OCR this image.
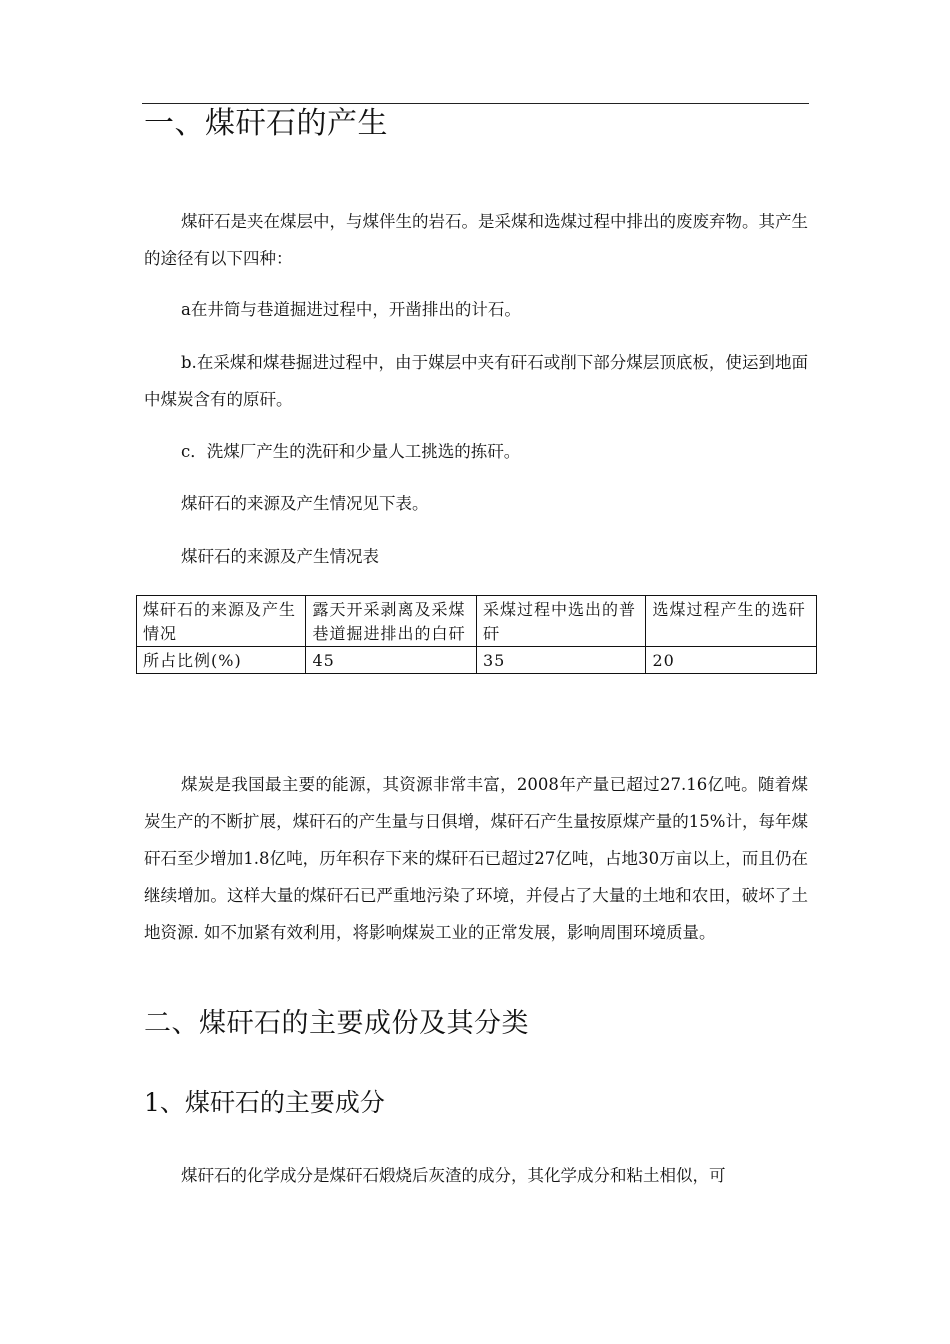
一、煤矸石的产生

煤矸石是夹在煤层中，与煤伴生的岩石。是采煤和选煤过程中排出的废废弃物。其产生的途径有以下四种：

a在井筒与巷道掘进过程中，开凿排出的计石。

b.在采煤和煤巷掘进过程中，由于媒层中夹有矸石或削下部分煤层顶底板，使运到地面中煤炭含有的原矸。

c．洗煤厂产生的洗矸和少量人工挑选的拣矸。
煤矸石的来源及产生情况见下表。
煤矸石的来源及产生情况表
煤矸石的来源及产生情况	露天开采剥离及采煤巷道掘进排出的白矸	采煤过程中选出的普矸	选煤过程产生的选矸
所占比例(%)	45	35	20

煤炭是我国最主要的能源，其资源非常丰富，2008年产量已超过27.16亿吨。随着煤炭生产的不断扩展，煤矸石的产生量与日俱增，煤矸石产生量按原煤产量的15%计，每年煤矸石至少增加1.8亿吨，历年积存下来的煤矸石已超过27亿吨，占地30万亩以上，而且仍在继续增加。这样大量的煤矸石已严重地污染了环境，并侵占了大量的土地和农田，破坏了土地资源. 如不加紧有效利用，将影响煤炭工业的正常发展，影响周围环境质量。

二、煤矸石的主要成份及其分类
1、煤矸石的主要成分

煤矸石的化学成分是煤矸石煅烧后灰渣的成分，其化学成分和粘土相似，可
